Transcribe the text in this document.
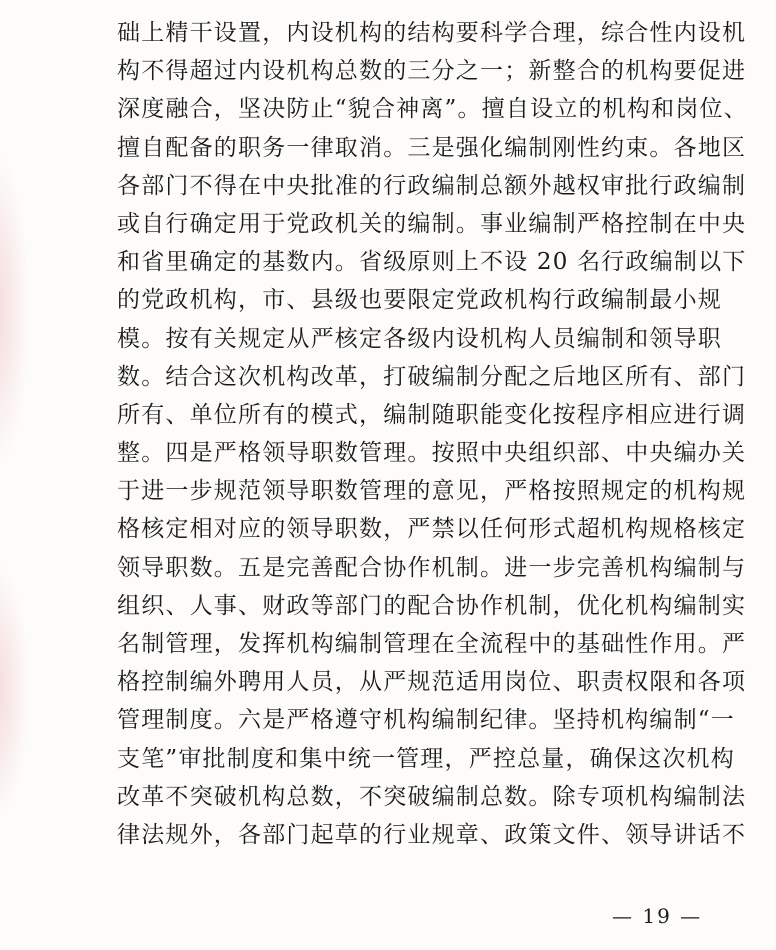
础上精干设置，内设机构的结构要科学合理，综合性内设机
构不得超过内设机构总数的三分之一；新整合的机构要促进
深度融合，坚决防止“貌合神离”。擅自设立的机构和岗位、
擅自配备的职务一律取消。三是强化编制刚性约束。各地区
各部门不得在中央批准的行政编制总额外越权审批行政编制
或自行确定用于党政机关的编制。事业编制严格控制在中央
和省里确定的基数内。省级原则上不设 20 名行政编制以下
的党政机构，市、县级也要限定党政机构行政编制最小规
模。按有关规定从严核定各级内设机构人员编制和领导职
数。结合这次机构改革，打破编制分配之后地区所有、部门
所有、单位所有的模式，编制随职能变化按程序相应进行调
整。四是严格领导职数管理。按照中央组织部、中央编办关
于进一步规范领导职数管理的意见，严格按照规定的机构规
格核定相对应的领导职数，严禁以任何形式超机构规格核定
领导职数。五是完善配合协作机制。进一步完善机构编制与
组织、人事、财政等部门的配合协作机制，优化机构编制实
名制管理，发挥机构编制管理在全流程中的基础性作用。严
格控制编外聘用人员，从严规范适用岗位、职责权限和各项
管理制度。六是严格遵守机构编制纪律。坚持机构编制“一
支笔”审批制度和集中统一管理，严控总量，确保这次机构
改革不突破机构总数，不突破编制总数。除专项机构编制法
律法规外，各部门起草的行业规章、政策文件、领导讲话不
— 19 —
